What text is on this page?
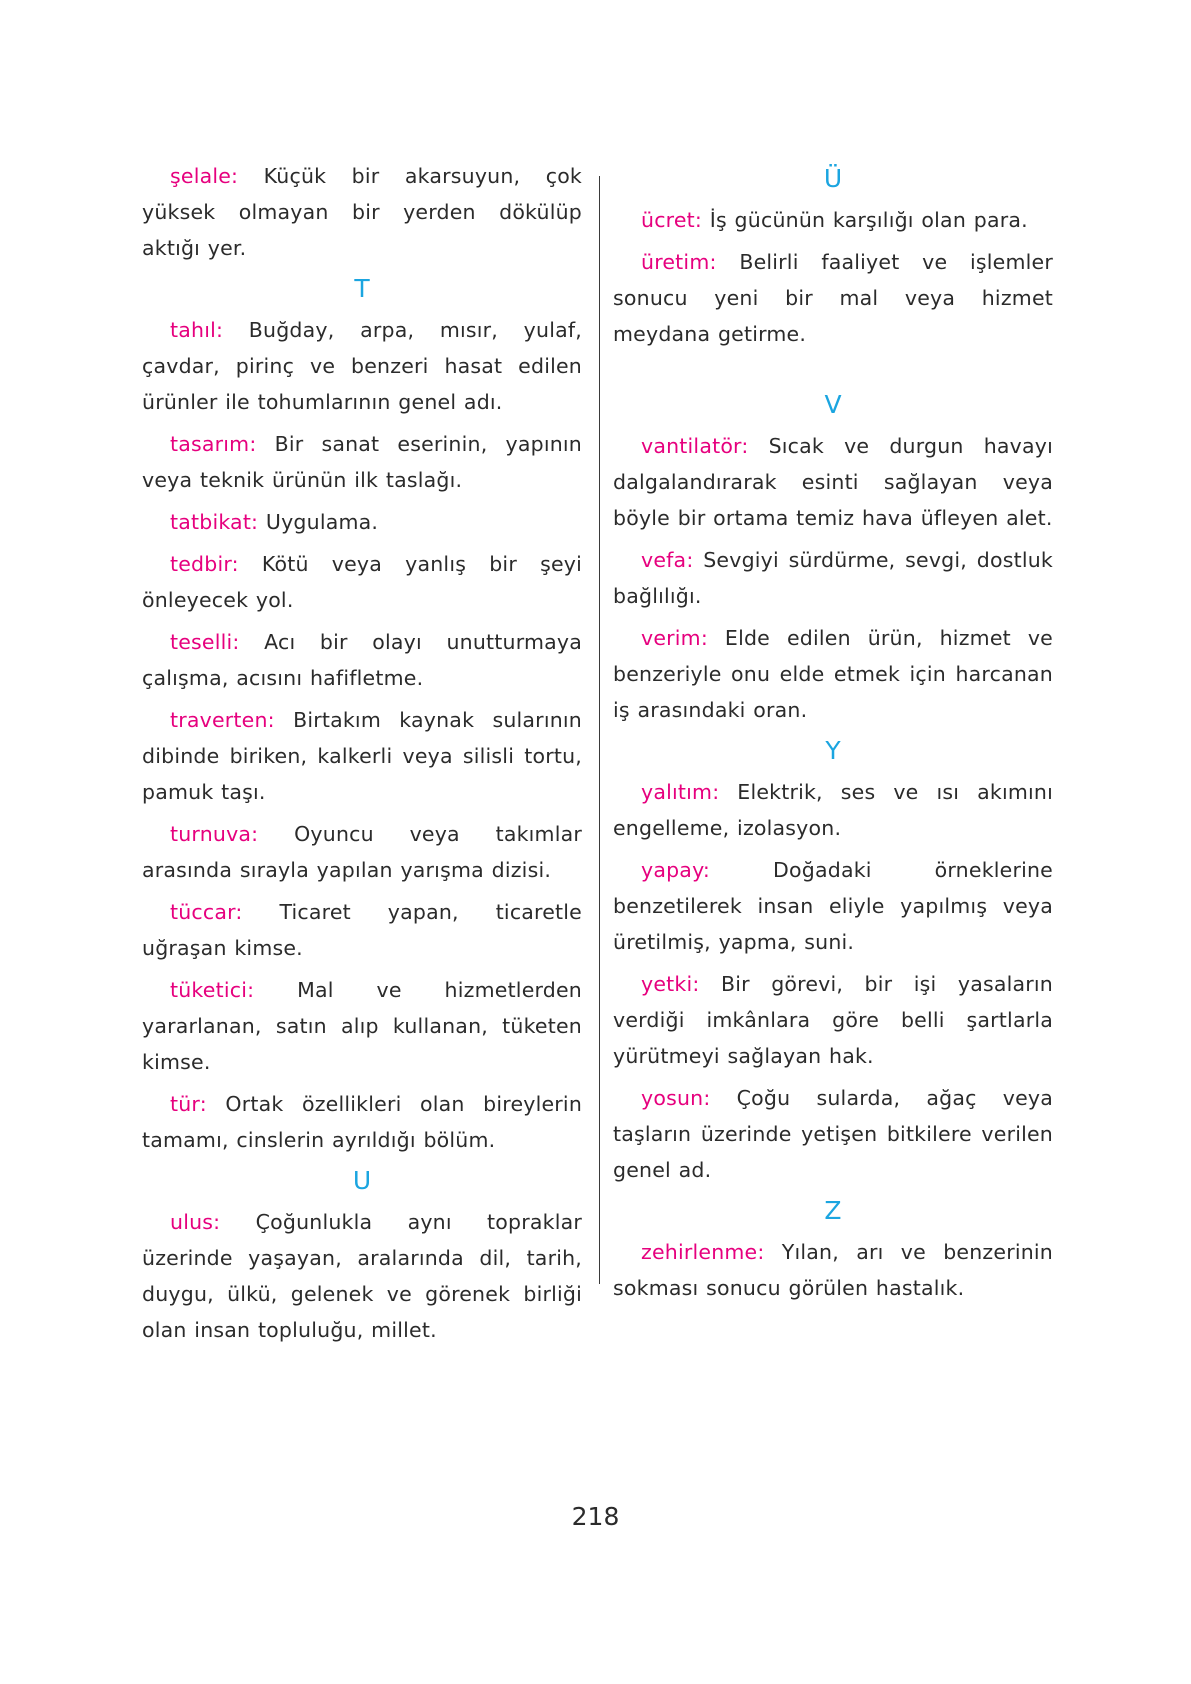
şelale: Küçük bir akarsuyun, çok yüksek olmayan bir yerden dökülüp aktığı yer.

T

tahıl: Buğday, arpa, mısır, yulaf, çavdar, pirinç ve benzeri hasat edilen ürünler ile tohumlarının genel adı.

tasarım: Bir sanat eserinin, yapının veya teknik ürünün ilk taslağı.

tatbikat: Uygulama.

tedbir: Kötü veya yanlış bir şeyi önleyecek yol.

teselli: Acı bir olayı unutturmaya çalışma, acısını hafifletme.

traverten: Birtakım kaynak sularının dibinde biriken, kalkerli veya silisli tortu, pamuk taşı.

turnuva: Oyuncu veya takımlar arasında sırayla yapılan yarışma dizisi.

tüccar: Ticaret yapan, ticaretle uğraşan kimse.

tüketici: Mal ve hizmetlerden yararlanan, satın alıp kullanan, tüketen kimse.

tür: Ortak özellikleri olan bireylerin tamamı, cinslerin ayrıldığı bölüm.

U

ulus: Çoğunlukla aynı topraklar üzerinde yaşayan, aralarında dil, tarih, duygu, ülkü, gelenek ve görenek birliği olan insan topluluğu, millet.

Ü

ücret: İş gücünün karşılığı olan para.

üretim: Belirli faaliyet ve işlemler sonucu yeni bir mal veya hizmet meydana getirme.

V

vantilatör: Sıcak ve durgun havayı dalgalandırarak esinti sağlayan veya böyle bir ortama temiz hava üfleyen alet.

vefa: Sevgiyi sürdürme, sevgi, dostluk bağlılığı.

verim: Elde edilen ürün, hizmet ve benzeriyle onu elde etmek için harcanan iş arasındaki oran.

Y

yalıtım: Elektrik, ses ve ısı akımını engelleme, izolasyon.

yapay:	Doğadaki örneklerine benzetilerek insan eliyle yapılmış veya üretilmiş, yapma, suni.

yetki: Bir görevi, bir işi yasaların verdiği imkânlara göre belli şartlarla yürütmeyi sağlayan hak.

yosun: Çoğu sularda, ağaç veya taşların üzerinde yetişen bitkilere verilen genel ad.

Z

zehirlenme: Yılan, arı ve benzerinin sokması sonucu görülen hastalık.

218
